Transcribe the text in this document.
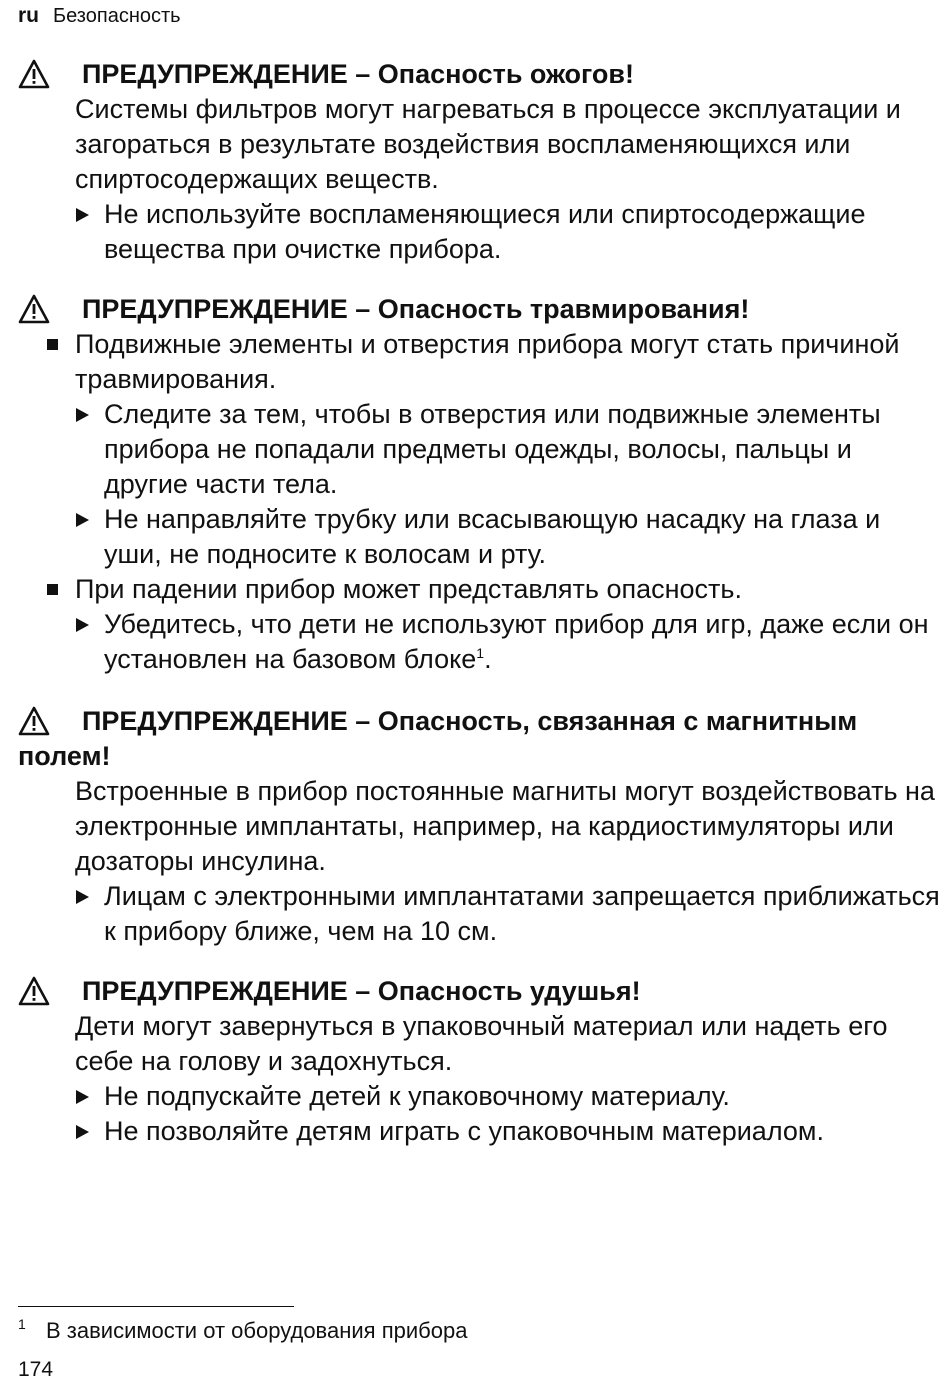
ru Безопасность
ПРЕДУПРЕЖДЕНИЕ – Опасность ожогов!
Системы фильтров могут нагреваться в процессе эксплуатации и загораться в результате воздействия воспламеняющихся или спиртосодержащих веществ.
Не используйте воспламеняющиеся или спиртосодержащие вещества при очистке прибора.
ПРЕДУПРЕЖДЕНИЕ – Опасность травмирования!
Подвижные элементы и отверстия прибора могут стать причиной травмирования.
Следите за тем, чтобы в отверстия или подвижные элементы прибора не попадали предметы одежды, волосы, пальцы и другие части тела.
Не направляйте трубку или всасывающую насадку на глаза и уши, не подносите к волосам и рту.
При падении прибор может представлять опасность.
Убедитесь, что дети не используют прибор для игр, даже если он установлен на базовом блоке$^1$.
ПРЕДУПРЕЖДЕНИЕ – Опасность, связанная с магнитным полем!
Встроенные в прибор постоянные магниты могут воздействовать на электронные имплантаты, например, на кардиостимуляторы или дозаторы инсулина.
Лицам с электронными имплантатами запрещается приближаться к прибору ближе, чем на 10 см.
ПРЕДУПРЕЖДЕНИЕ – Опасность удушья!
Дети могут завернуться в упаковочный материал или надеть его себе на голову и задохнуться.
Не подпускайте детей к упаковочному материалу.
Не позволяйте детям играть с упаковочным материалом.
1 В зависимости от оборудования прибора
174
